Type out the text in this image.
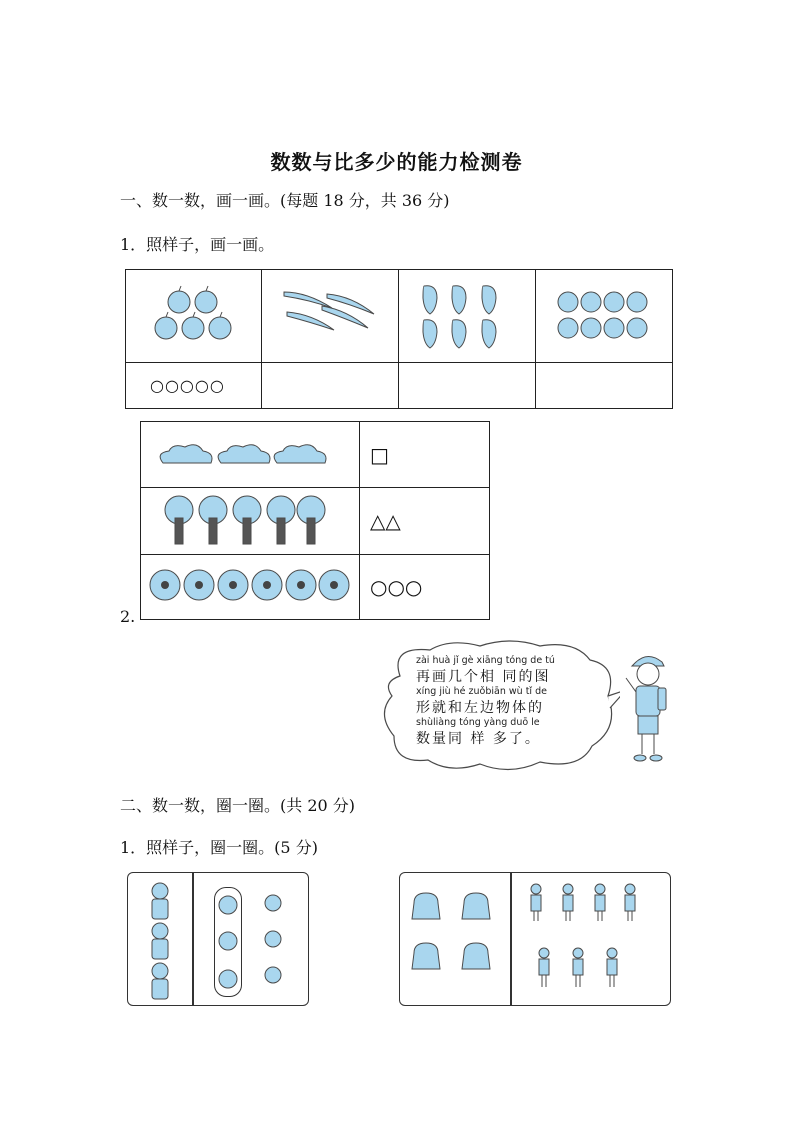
数数与比多少的能力检测卷
一、数一数，画一画。(每题 18 分，共 36 分)
1．照样子，画一画。

○○○○○			
2.
	□
	△△
	○○○
zài huà jǐ gè xiāng tóng de tú
再画几个相 同的图
xíng jiù hé zuǒbiān wù tǐ de
形就和左边物体的
shùliàng tóng yàng duō le
数量同 样 多了。
二、数一数，圈一圈。(共 20 分)
1．照样子，圈一圈。(5 分)
